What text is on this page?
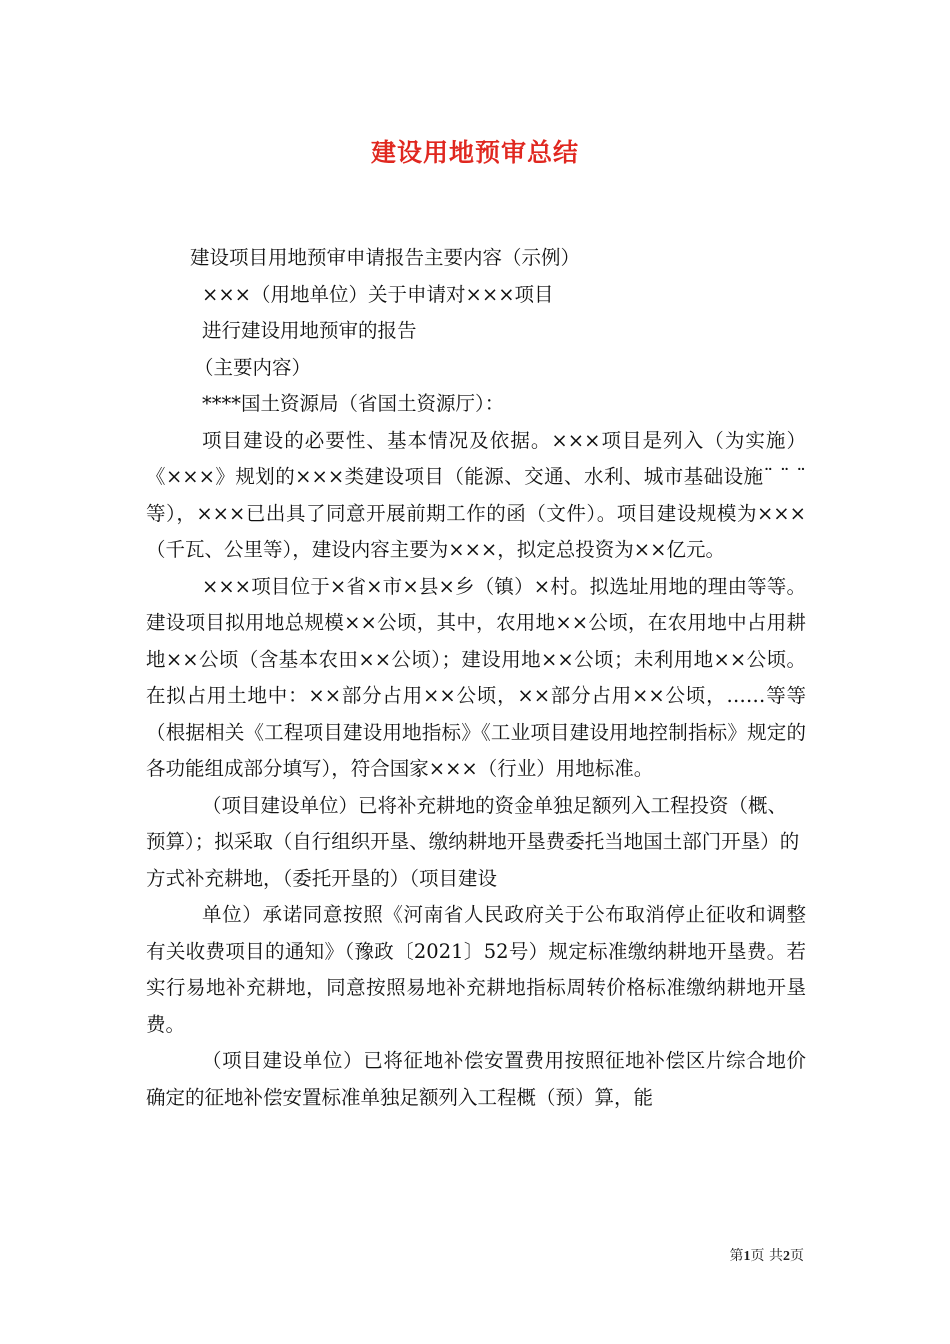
建设用地预审总结
建设项目用地预审申请报告主要内容（示例）
×××（用地单位）关于申请对×××项目
进行建设用地预审的报告
（主要内容）
****国土资源局（省国土资源厅）：

项目建设的必要性、基本情况及依据。×××项目是列入（为实施）《×××》规划的×××类建设项目（能源、交通、水利、城市基础设施¨ ¨ ¨等），×××已出具了同意开展前期工作的函（文件）。项目建设规模为×××（千瓦、公里等），建设内容主要为×××，拟定总投资为××亿元。

×××项目位于×省×市×县×乡（镇）×村。拟选址用地的理由等等。建设项目拟用地总规模××公顷，其中，农用地××公顷，在农用地中占用耕地××公顷（含基本农田××公顷）；建设用地××公顷；未利用地××公顷。在拟占用土地中：××部分占用××公顷，××部分占用××公顷，……等等（根据相关《工程项目建设用地指标》《工业项目建设用地控制指标》规定的各功能组成部分填写），符合国家×××（行业）用地标准。

（项目建设单位）已将补充耕地的资金单独足额列入工程投资（概、预算）；拟采取（自行组织开垦、缴纳耕地开垦费委托当地国土部门开垦）的方式补充耕地，（委托开垦的）（项目建设

单位）承诺同意按照《河南省人民政府关于公布取消停止征收和调整有关收费项目的通知》（豫政〔2021〕52号）规定标准缴纳耕地开垦费。若实行易地补充耕地，同意按照易地补充耕地指标周转价格标准缴纳耕地开垦费。

（项目建设单位）已将征地补偿安置费用按照征地补偿区片综合地价确定的征地补偿安置标准单独足额列入工程概（预）算，能

第1页 共2页
